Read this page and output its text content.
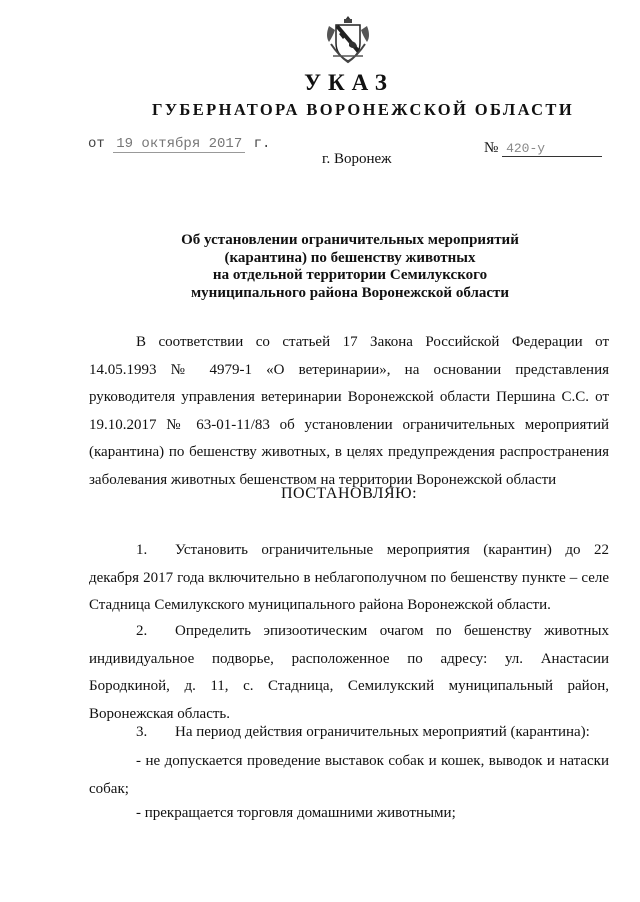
УКАЗ
ГУБЕРНАТОРА ВОРОНЕЖСКОЙ ОБЛАСТИ
от 19 октября 2017 г.	№ 420-у
г. Воронеж
Об установлении ограничительных мероприятий
(карантина) по бешенству животных
на отдельной территории Семилукского
муниципального района Воронежской области
В соответствии со статьей 17 Закона Российской Федерации от 14.05.1993 № 4979-1 «О ветеринарии», на основании представления руководителя управления ветеринарии Воронежской области Першина С.С. от 19.10.2017 № 63-01-11/83 об установлении ограничительных мероприятий (карантина) по бешенству животных, в целях предупреждения распространения заболевания животных бешенством на территории Воронежской области
ПОСТАНОВЛЯЮ:
1. Установить ограничительные мероприятия (карантин) до 22 декабря 2017 года включительно в неблагополучном по бешенству пункте – селе Стадница Семилукского муниципального района Воронежской области.
2. Определить эпизоотическим очагом по бешенству животных индивидуальное подворье, расположенное по адресу: ул. Анастасии Бородкиной, д. 11, с. Стадница, Семилукский муниципальный район, Воронежская область.
3. На период действия ограничительных мероприятий (карантина):
- не допускается проведение выставок собак и кошек, выводок и натаски собак;
- прекращается торговля домашними животными;
